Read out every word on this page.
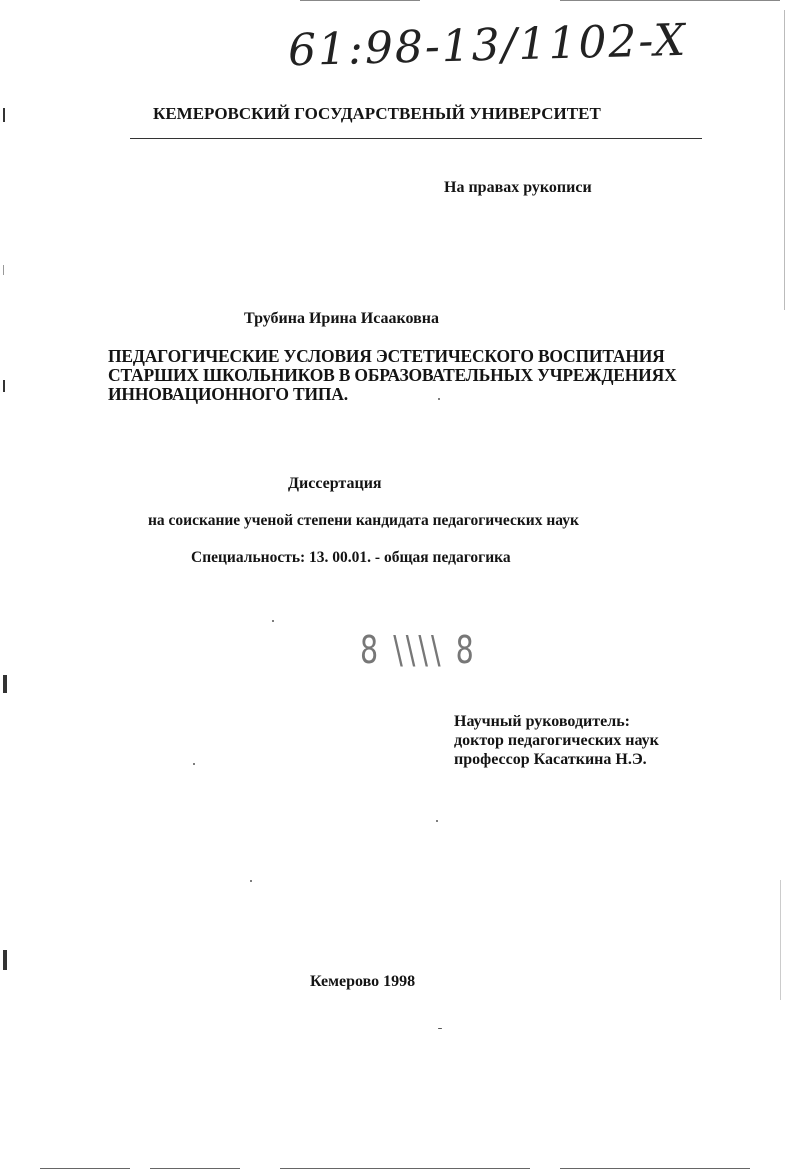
61:98-13/1102-X
КЕМЕРОВСКИЙ ГОСУДАРСТВЕНЫЙ УНИВЕРСИТЕТ
На правах рукописи
Трубина Ирина Исааковна
ПЕДАГОГИЧЕСКИЕ УСЛОВИЯ ЭСТЕТИЧЕСКОГО ВОСПИТАНИЯ
СТАРШИХ ШКОЛЬНИКОВ В ОБРАЗОВАТЕЛЬНЫХ УЧРЕЖДЕНИЯХ
ИННОВАЦИОННОГО ТИПА.
Диссертация
на соискание ученой степени кандидата педагогических наук
Специальность: 13. 00.01. - общая педагогика
8 \\\\ 8
Научный руководитель:
доктор педагогических наук
профессор Касаткина Н.Э.
Кемерово 1998
